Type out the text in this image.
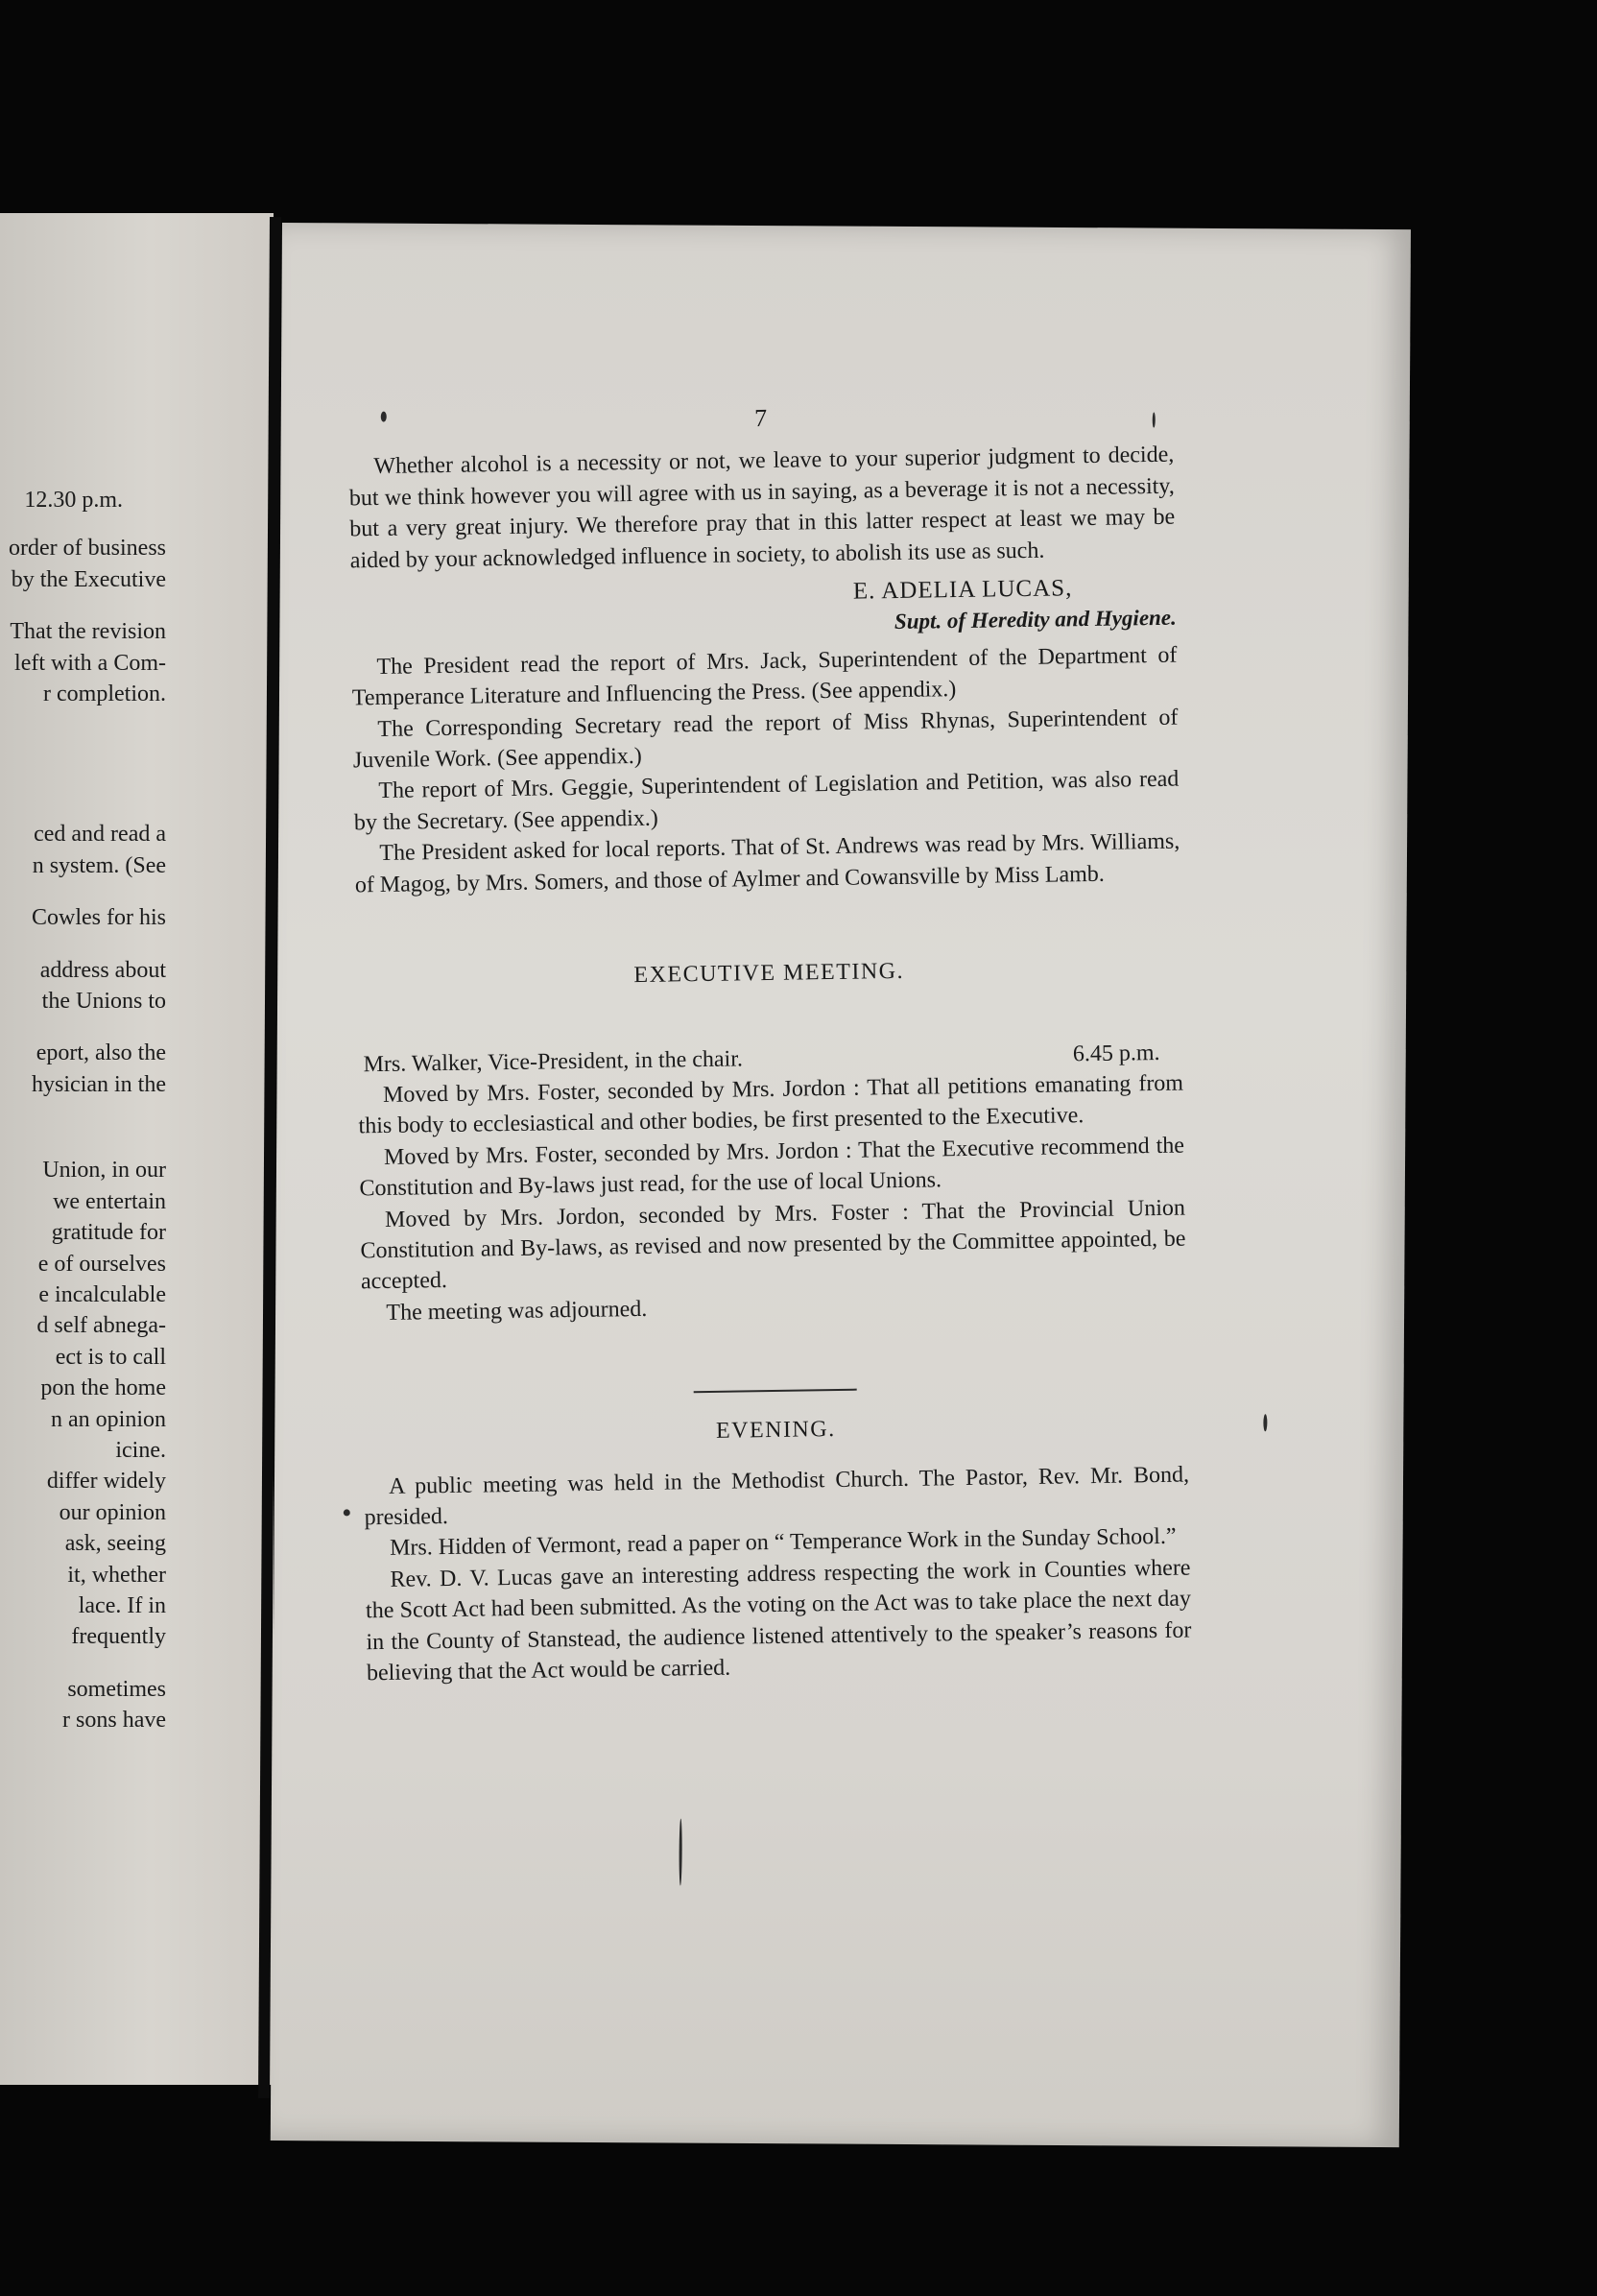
12.30 p.m.
order of business
by the Executive
That the revision
left with a Com-
r completion.
ced and read a
n system. (See
Cowles for his
address about
the Unions to
eport, also the
hysician in the
Union, in our
we entertain
gratitude for
e of ourselves
e incalculable
d self abnega-
ect is to call
pon the home
n an opinion
icine.
differ widely
our opinion
ask, seeing
it, whether
lace. If in
frequently
sometimes
r sons have
7

Whether alcohol is a necessity or not, we leave to your superior judgment to decide, but we think however you will agree with us in saying, as a beverage it is not a necessity, but a very great injury. We therefore pray that in this latter respect at least we may be aided by your acknowledged influence in society, to abolish its use as such.

E. ADELIA LUCAS,
Supt. of Heredity and Hygiene.

The President read the report of Mrs. Jack, Superintendent of the Department of Temperance Literature and Influencing the Press. (See appendix.)

The Corresponding Secretary read the report of Miss Rhynas, Superintendent of Juvenile Work. (See appendix.)

The report of Mrs. Geggie, Superintendent of Legislation and Petition, was also read by the Secretary. (See appendix.)

The President asked for local reports. That of St. Andrews was read by Mrs. Williams, of Magog, by Mrs. Somers, and those of Aylmer and Cowansville by Miss Lamb.

EXECUTIVE MEETING.
Mrs. Walker, Vice-President, in the chair.	6.45 p.m.

Moved by Mrs. Foster, seconded by Mrs. Jordon : That all petitions emanating from this body to ecclesiastical and other bodies, be first presented to the Executive.

Moved by Mrs. Foster, seconded by Mrs. Jordon : That the Executive recommend the Constitution and By-laws just read, for the use of local Unions.

Moved by Mrs. Jordon, seconded by Mrs. Foster : That the Provincial Union Constitution and By-laws, as revised and now presented by the Committee appointed, be accepted.

The meeting was adjourned.

EVENING.

A public meeting was held in the Methodist Church. The Pastor, Rev. Mr. Bond, presided.

Mrs. Hidden of Vermont, read a paper on “ Temperance Work in the Sunday School.”

Rev. D. V. Lucas gave an interesting address respecting the work in Counties where the Scott Act had been submitted. As the voting on the Act was to take place the next day in the County of Stanstead, the audience listened attentively to the speaker’s reasons for believing that the Act would be carried.
